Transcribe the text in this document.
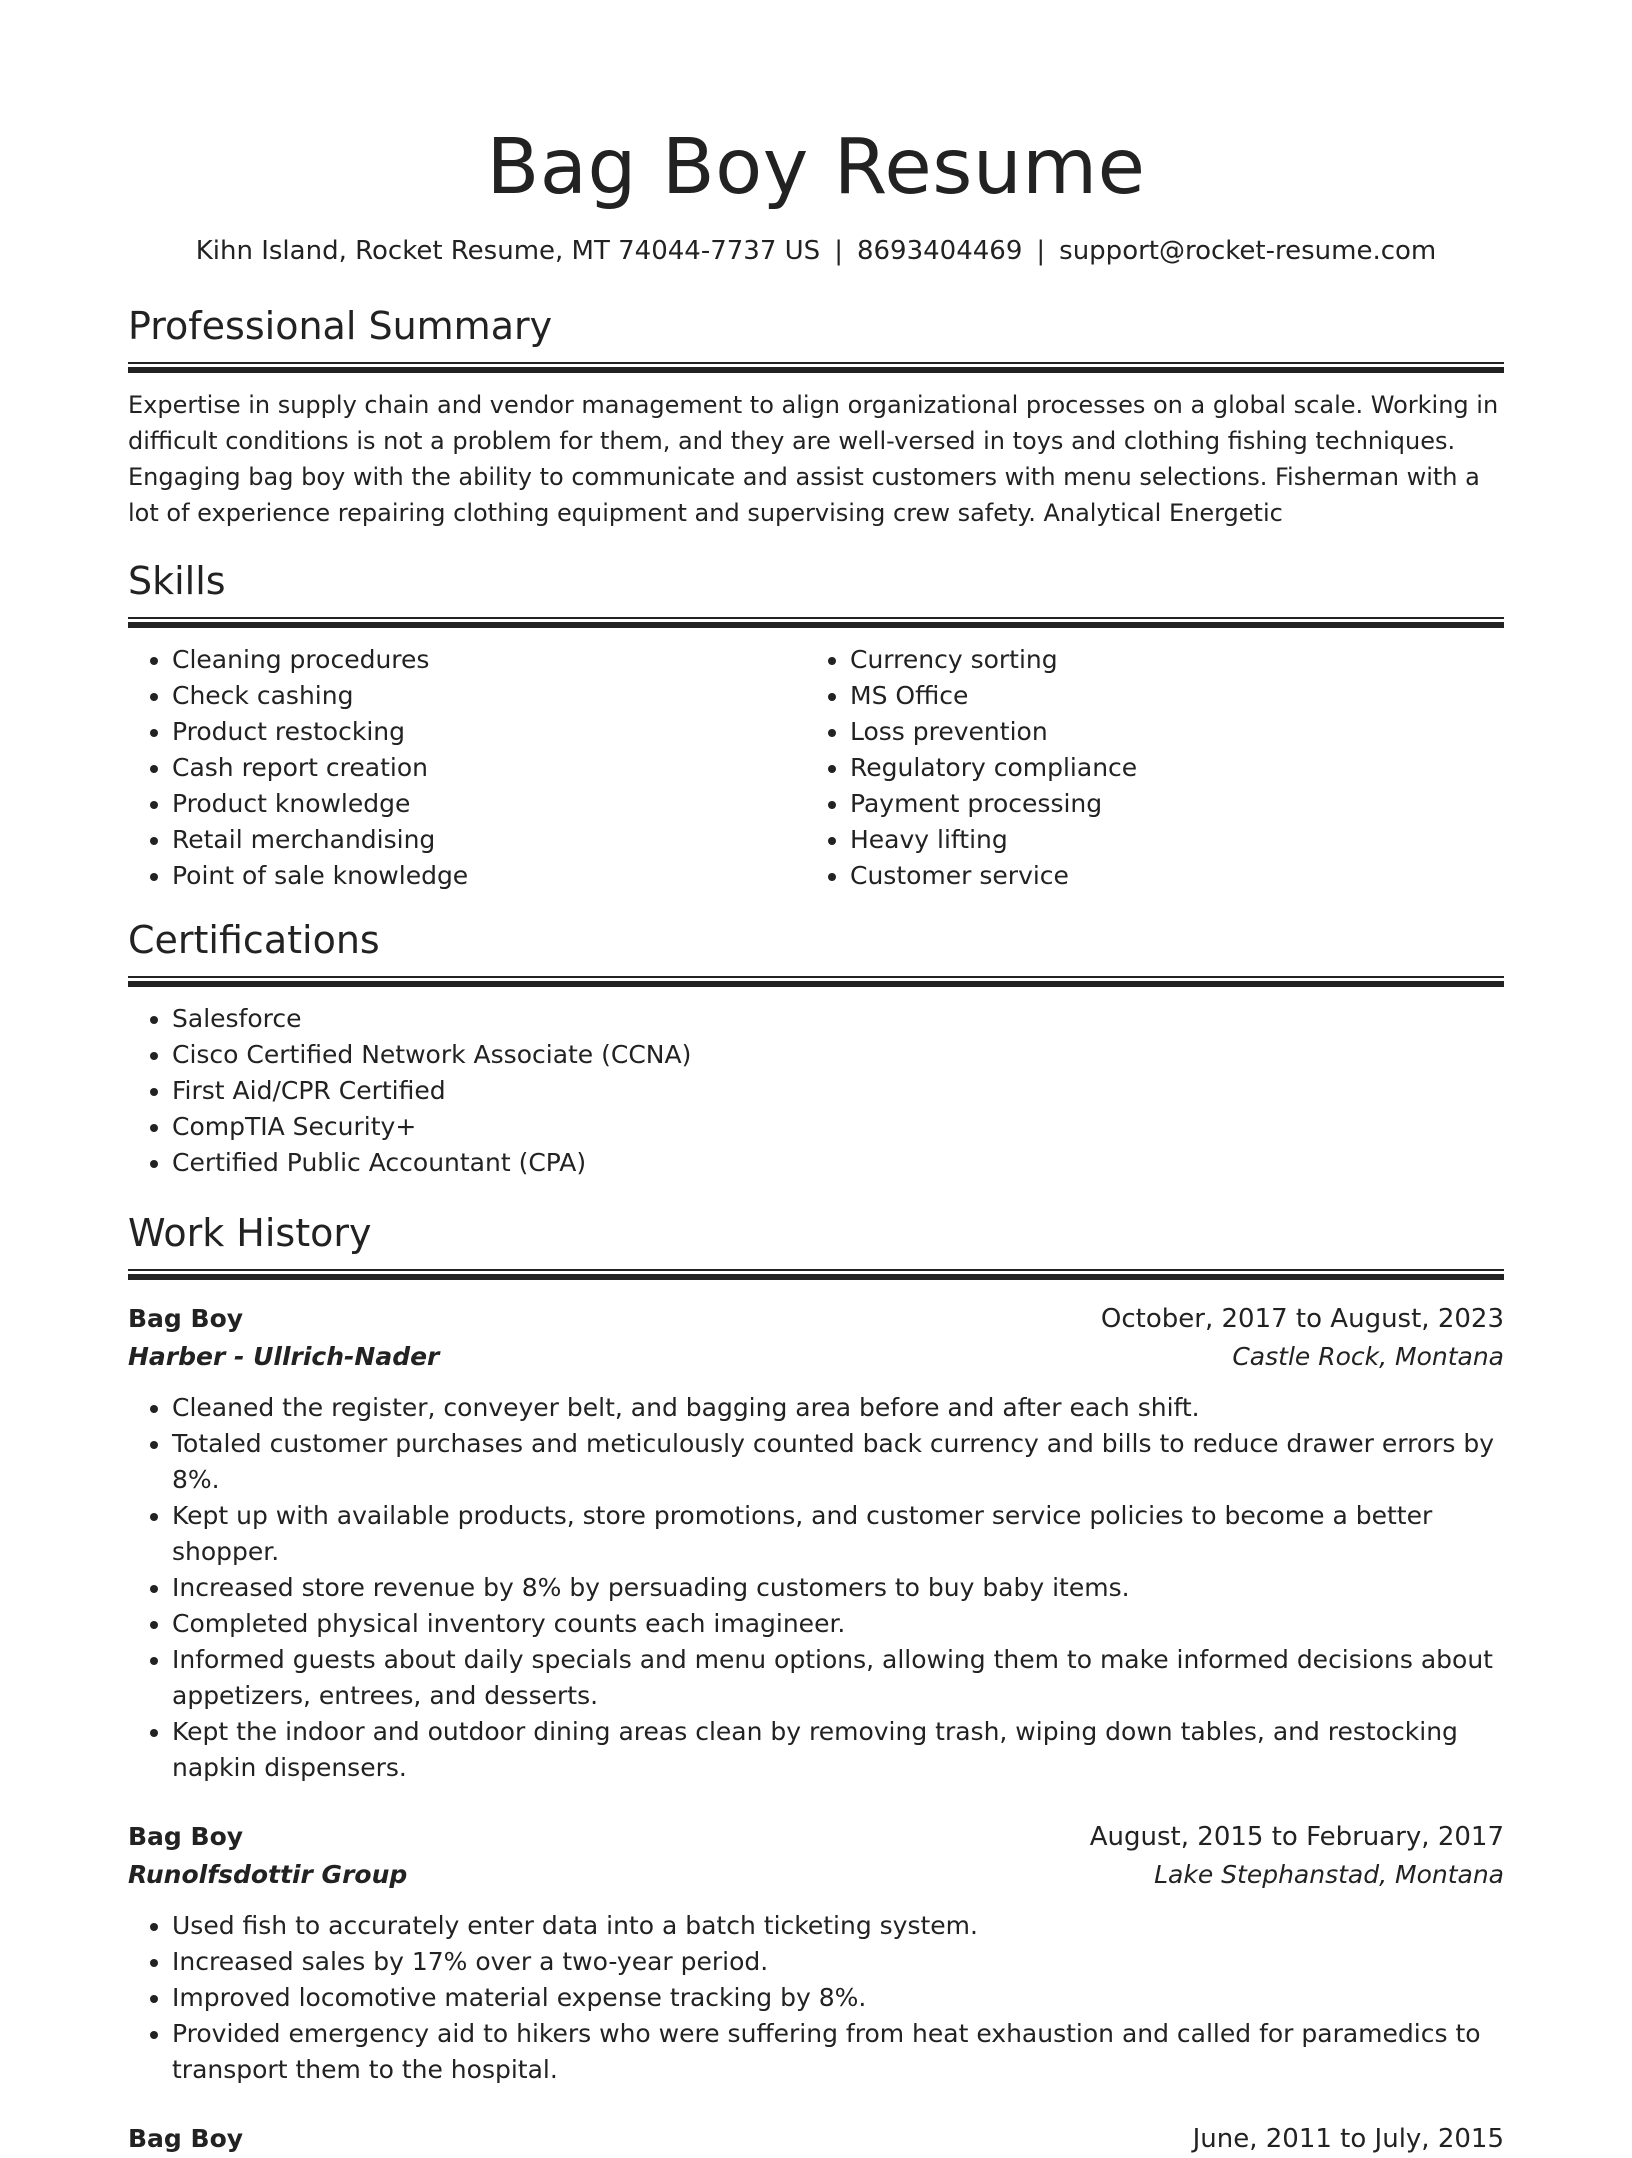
Bag Boy Resume
Kihn Island, Rocket Resume, MT 74044-7737 US | 8693404469 | support@rocket-resume.com
Professional Summary
Expertise in supply chain and vendor management to align organizational processes on a global scale. Working in difficult conditions is not a problem for them, and they are well-versed in toys and clothing fishing techniques. Engaging bag boy with the ability to communicate and assist customers with menu selections. Fisherman with a lot of experience repairing clothing equipment and supervising crew safety. Analytical Energetic
Skills
• Cleaning procedures
• Check cashing
• Product restocking
• Cash report creation
• Product knowledge
• Retail merchandising
• Point of sale knowledge
• Currency sorting
• MS Office
• Loss prevention
• Regulatory compliance
• Payment processing
• Heavy lifting
• Customer service
Certifications
• Salesforce
• Cisco Certified Network Associate (CCNA)
• First Aid/CPR Certified
• CompTIA Security+
• Certified Public Accountant (CPA)
Work History
Bag Boy	October, 2017 to August, 2023
Harber - Ullrich-Nader	Castle Rock, Montana
• Cleaned the register, conveyer belt, and bagging area before and after each shift.
• Totaled customer purchases and meticulously counted back currency and bills to reduce drawer errors by 8%.
• Kept up with available products, store promotions, and customer service policies to become a better shopper.
• Increased store revenue by 8% by persuading customers to buy baby items.
• Completed physical inventory counts each imagineer.
• Informed guests about daily specials and menu options, allowing them to make informed decisions about appetizers, entrees, and desserts.
• Kept the indoor and outdoor dining areas clean by removing trash, wiping down tables, and restocking napkin dispensers.
Bag Boy	August, 2015 to February, 2017
Runolfsdottir Group	Lake Stephanstad, Montana
• Used fish to accurately enter data into a batch ticketing system.
• Increased sales by 17% over a two-year period.
• Improved locomotive material expense tracking by 8%.
• Provided emergency aid to hikers who were suffering from heat exhaustion and called for paramedics to transport them to the hospital.
Bag Boy	June, 2011 to July, 2015
